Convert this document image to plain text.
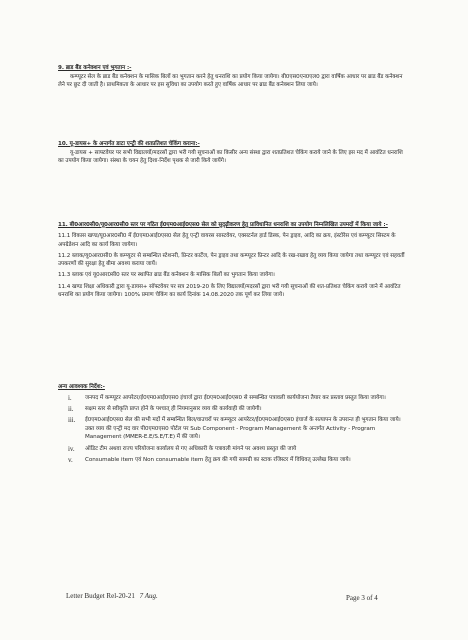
9. ब्राड बैंड कनेक्शन एवं भुगतान :-
कम्प्यूटर सेल के ब्राड बैंड कनेक्शन के मासिक बिलों का भुगतान करने हेतु धनराशि का प्रयोग किया जायेगा। बी0एस0एन0एल0 द्वारा वार्षिक आधार पर ब्राड बैंड कनेक्शन लेने पर छूट दी जाती है। प्राथमिकता के आधार पर इस सुविधा का उपयोग करते हुए वार्षिक आधार पर ब्राड बैंड कनेक्शन लिया जाये।
10. यू-डायस+ के अन्तर्गत डाटा एन्ट्री की शतप्रतिशत चेकिंग कराना:-
यू-डायस + साफ्टवेयर पर सभी विद्यालयों/मदरसों द्वारा भरी गयी सूचनाओं का किसीर अन्य संस्था द्वारा शतप्रतिशत चेकिंग कराये जाने के लिए इस मद में आवंटित धनराशि का उपयोग किया जायेगा। संस्था के चयन हेतु दिशा-निर्देश पृथक से जारी किये जायेंगे।
11. बी0आर0सी0/यू0आर0सी0 स्तर पर गठित ई0एम0आई0एस0 सेल को सुदृढ़ीकरण हेतु प्राविधानित धनराशि का उपयोग निम्नलिखित उपमदों में किया जाये :-
11.1 विकास खण्ड/यू0आर0सी0 में ई0एम0आई0एस0 सेल हेतु एन्ट्री वायरस सास्टवेयर, एक्सटर्नल हार्ड डिस्क, पेन ड्राइव, आदि का क्रय, इंस्टोरेस एवं कम्प्यूटर सिस्टम के अपग्रेडेशन आदि का कार्य किया जायेगा।
11.2 ब्लाक/यू0आर0सी0 के कम्प्यूटर से सम्बन्धित स्टेशनरी, प्रिन्टर कार्टेज, पेन ड्राइव तथा कम्प्यूटर प्रिन्टर आदि के रख-रखाव हेतु व्यय किया जायेगा तथा कम्प्यूटर एवं सहवर्ती उपकरणों की सुरक्षा हेतु बीमा अवश्य कराया जायें।
11.3 ब्लाक एवं यू0आर0सी0 स्तर पर स्थापित ब्राड बैंड कनेक्शन के मासिक बिलों का भुगतान किया जायेगा।
11.4 खण्ड शिक्षा अधिकारी द्वारा यू-डायस+ सॉफ्टवेयर पर सत्र 2019-20 के लिए विद्यालयों/मदरसों द्वारा भरी गयी सूचनाओं की शत-प्रतिशत चेकिंग कराये जाने में आवंटित धनराशि का प्रयोग किया जायेगा। 100% प्रमाण चेकिंग का कार्य दिनांक 14.08.2020 तक पूर्ण कर लिया जाये।
अन्य आवश्यक निर्देश:-
i.	जनपद में कम्प्यूटर आपरेटर/ई0एम0आई0एस0 इंचार्ज द्वारा ई0एम0आई0एस0 से सम्बन्धित पत्रावली कार्ययोजना तैयार कर प्रस्ताव प्रस्तुत किया जायेगा।
ii.	सक्षम स्तर से स्वीकृति प्राप्त होने के पश्चात् ही नियमानुसार व्यय की कार्यवाही की जायेगी।
iii.	ई0एम0आई0एस0 सेल की सभी मदों में सम्बन्धित बिल/वाउचरों पर कम्प्यूटर आपरेटर/ई0एम0आई0एस0 इंचार्ज के सत्यापन के उपरान्त ही भुगतान किया जाये। उक्त व्यय की एन्ट्री मद वार पी0एम0एस0 पोर्टल पर Sub Component - Program Management के अन्तर्गत Activity - Program Management (MMER-E.E/S.E/T.E) में की जाये।
iv.	ऑडिट टीम अथवा राज्य परियोजना कार्यालय से गए अधिकारी के पत्रावली मांगने पर अवश्य प्रस्तुत की जाये
v.	Consumable item एवं Non consumable item हेतु क्रय की गयी सामग्री का स्टाक रजिस्टर में विधिवत् उल्लेख किया जाये।
Letter Budget Rel-20-21 7 Aug.	Page 3 of 4
